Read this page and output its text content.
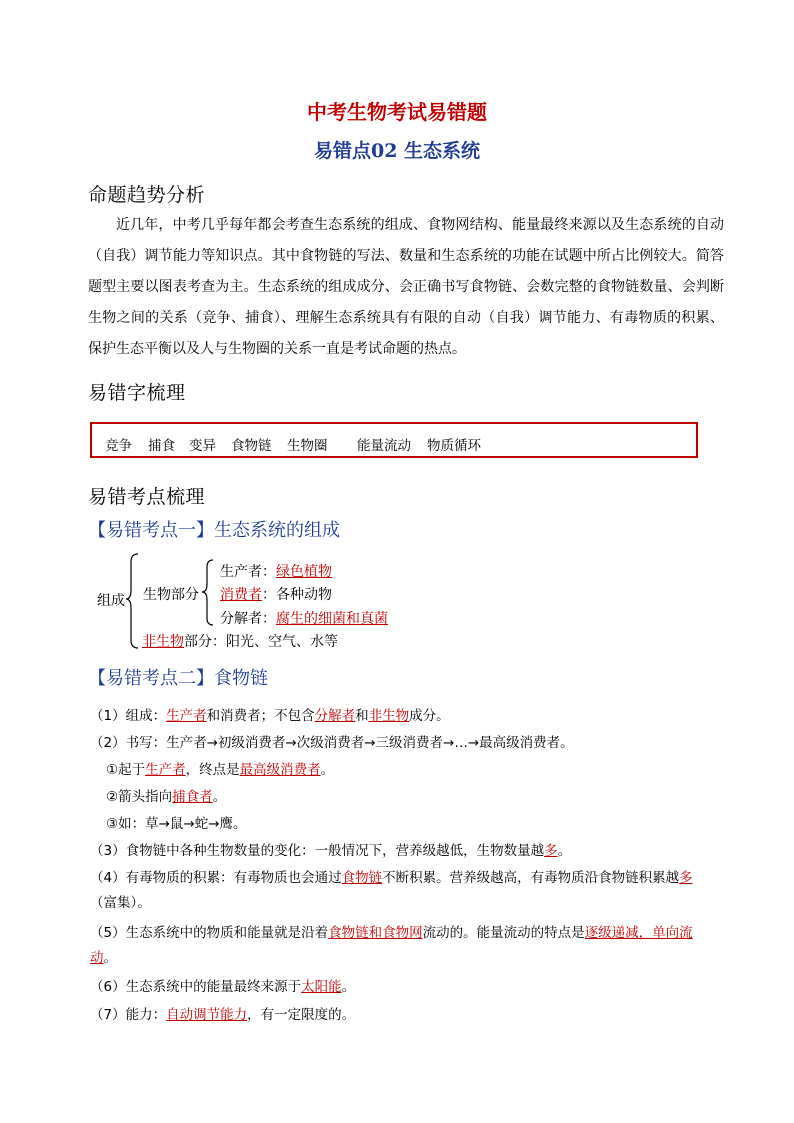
中考生物考试易错题
易错点02 生态系统
命题趋势分析

近几年，中考几乎每年都会考查生态系统的组成、食物网结构、能量最终来源以及生态系统的自动（自我）调节能力等知识点。其中食物链的写法、数量和生态系统的功能在试题中所占比例较大。简答题型主要以图表考查为主。生态系统的组成成分、会正确书写食物链、会数完整的食物链数量、会判断生物之间的关系（竞争、捕食）、理解生态系统具有有限的自动（自我）调节能力、有毒物质的积累、保护生态平衡以及人与生物圈的关系一直是考试命题的热点。

易错字梳理
竞争 捕食 变异 食物链 生物圈 能量流动 物质循环
易错考点梳理
【易错考点一】生态系统的组成
组成 生物部分
生产者：绿色植物
消费者：各种动物
分解者：腐生的细菌和真菌
非生物部分：阳光、空气、水等
【易错考点二】食物链
（1）组成：生产者和消费者；不包含分解者和非生物成分。
（2）书写：生产者→初级消费者→次级消费者→三级消费者→…→最高级消费者。
①起于生产者，终点是最高级消费者。
②箭头指向捕食者。
③如：草→鼠→蛇→鹰。
（3）食物链中各种生物数量的变化：一般情况下，营养级越低，生物数量越多。
（4）有毒物质的积累：有毒物质也会通过食物链不断积累。营养级越高，有毒物质沿食物链积累越多
（富集）。
（5）生态系统中的物质和能量就是沿着食物链和食物网流动的。能量流动的特点是逐级递减，单向流
动。
（6）生态系统中的能量最终来源于太阳能。
（7）能力：自动调节能力，有一定限度的。
